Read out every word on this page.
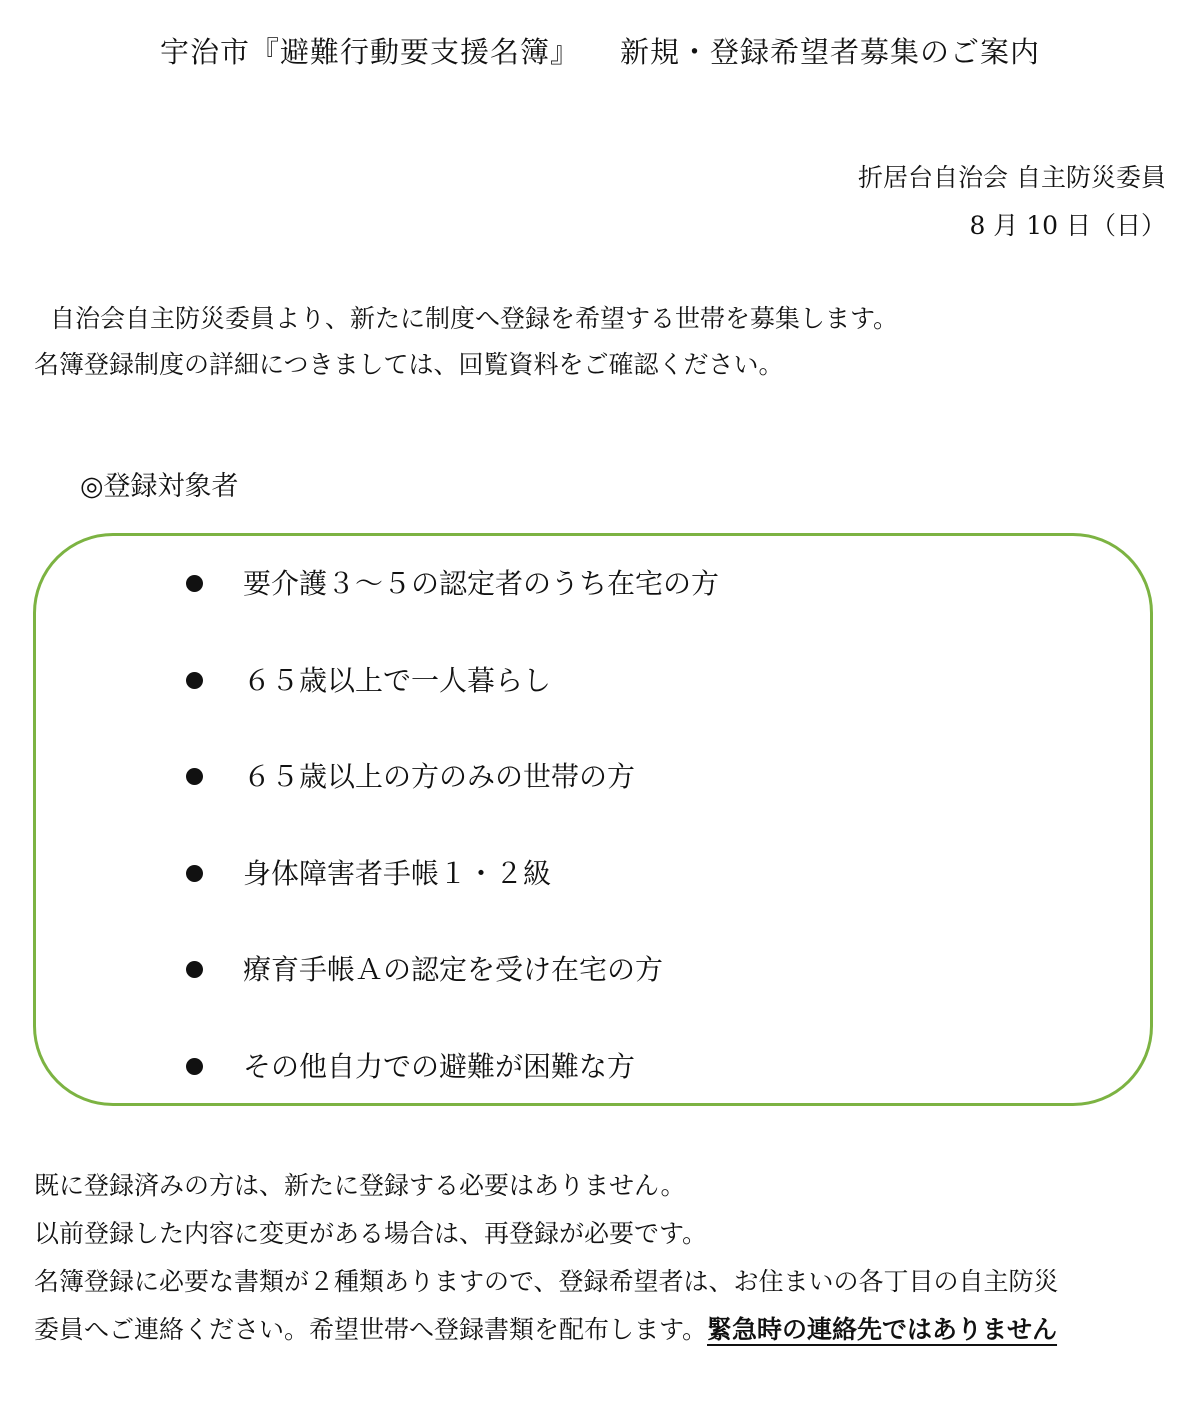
宇治市『避難行動要支援名簿』 新規・登録希望者募集のご案内
折居台自治会 自主防災委員
8 月 10 日（日）
自治会自主防災委員より、新たに制度へ登録を希望する世帯を募集します。
名簿登録制度の詳細につきましては、回覧資料をご確認ください。
◎登録対象者
要介護３～５の認定者のうち在宅の方
６５歳以上で一人暮らし
６５歳以上の方のみの世帯の方
身体障害者手帳１・２級
療育手帳Ａの認定を受け在宅の方
その他自力での避難が困難な方

既に登録済みの方は、新たに登録する必要はありません。

以前登録した内容に変更がある場合は、再登録が必要です。

名簿登録に必要な書類が２種類ありますので、登録希望者は、お住まいの各丁目の自主防災

委員へご連絡ください。希望世帯へ登録書類を配布します。緊急時の連絡先ではありません
